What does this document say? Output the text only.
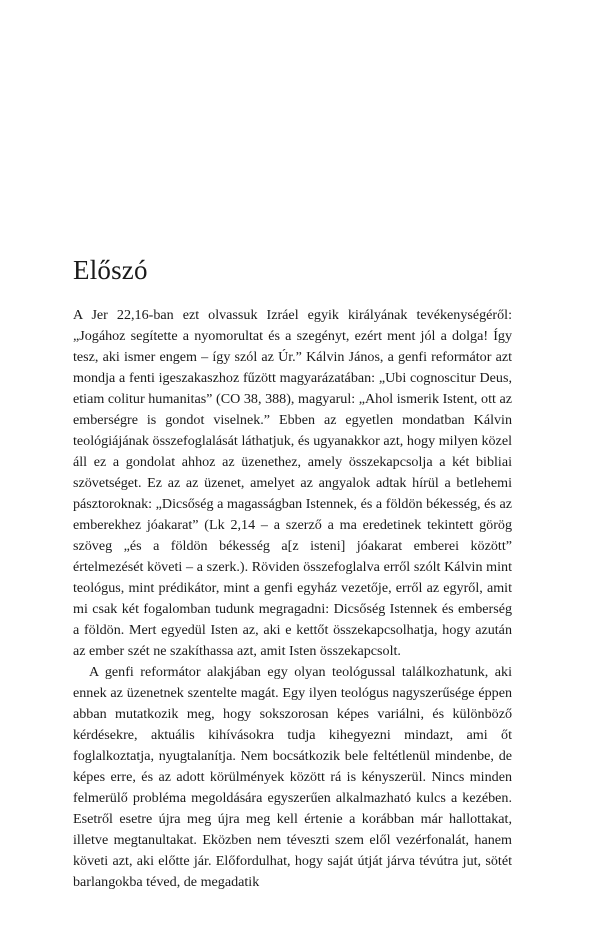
Előszó

A Jer 22,16-ban ezt olvassuk Izráel egyik királyának tevékenységéről: „Jogához segítette a nyomorultat és a szegényt, ezért ment jól a dolga! Így tesz, aki ismer engem – így szól az Úr.” Kálvin János, a genfi reformátor azt mondja a fenti igeszakaszhoz fűzött magyarázatában: „Ubi cognoscitur Deus, etiam colitur humanitas” (CO 38, 388), magyarul: „Ahol ismerik Istent, ott az emberségre is gondot viselnek.” Ebben az egyetlen mondatban Kálvin teológiájának összefoglalását láthatjuk, és ugyanakkor azt, hogy milyen közel áll ez a gondolat ahhoz az üzenethez, amely összekapcsolja a két bibliai szövetséget. Ez az az üzenet, amelyet az angyalok adtak hírül a betlehemi pásztoroknak: „Dicsőség a magasságban Istennek, és a földön békesség, és az emberekhez jóakarat” (Lk 2,14 – a szerző a ma eredetinek tekintett görög szöveg „és a földön békesség a[z isteni] jóakarat emberei között” értelmezését követi – a szerk.). Röviden összefoglalva erről szólt Kálvin mint teológus, mint prédikátor, mint a genfi egyház vezetője, erről az egyről, amit mi csak két fogalomban tudunk megragadni: Dicsőség Istennek és emberség a földön. Mert egyedül Isten az, aki e kettőt összekapcsolhatja, hogy azután az ember szét ne szakíthassa azt, amit Isten összekapcsolt.

A genfi reformátor alakjában egy olyan teológussal találkozhatunk, aki ennek az üzenetnek szentelte magát. Egy ilyen teológus nagyszerűsége éppen abban mutatkozik meg, hogy sokszorosan képes variálni, és különböző kérdésekre, aktuális kihívásokra tudja kihegyezni mindazt, ami őt foglalkoztatja, nyugtalanítja. Nem bocsátkozik bele feltétlenül mindenbe, de képes erre, és az adott körülmények között rá is kényszerül. Nincs minden felmerülő probléma megoldására egyszerűen alkalmazható kulcs a kezében. Esetről esetre újra meg újra meg kell értenie a korábban már hallottakat, illetve megtanultakat. Eközben nem téveszti szem elől vezérfonalát, hanem követi azt, aki előtte jár. Előfordulhat, hogy saját útját járva tévútra jut, sötét barlangokba téved, de megadatik
